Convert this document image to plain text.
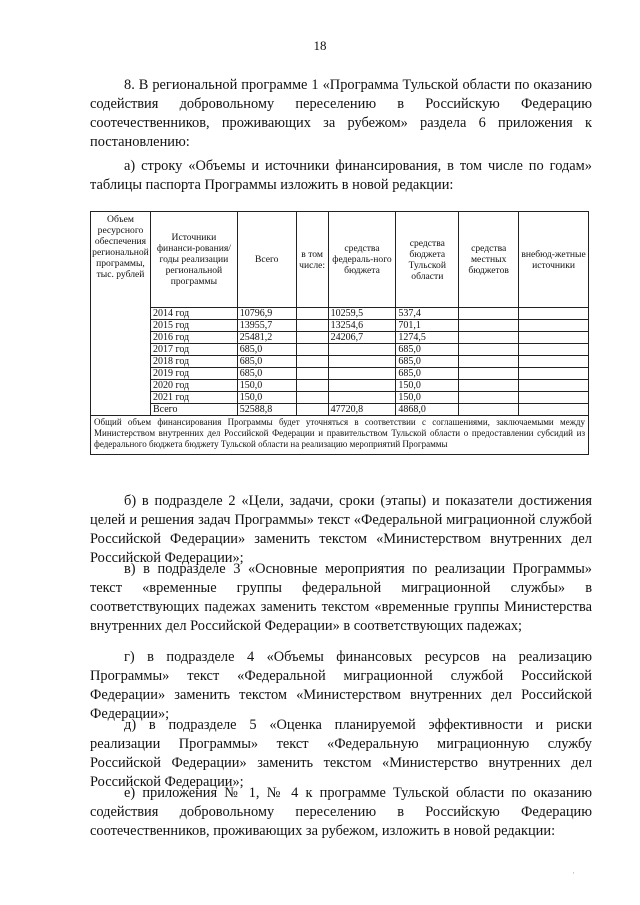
18

8. В региональной программе 1 «Программа Тульской области по оказанию содействия добровольному переселению в Российскую Федерацию соотечественников, проживающих за рубежом» раздела 6 приложения к постановлению:

а) строку «Объемы и источники финансирования, в том числе по годам» таблицы паспорта Программы изложить в новой редакции:

Объем ресурсного обеспечения региональной программы, тыс. рублей	Источники финанси-рования/ годы реализации региональной программы	Всего	в том числе:	средства федераль-ного бюджета	средства бюджета Тульской области	средства местных бюджетов	внебюд-жетные источники
	2014 год	10796,9		10259,5	537,4		
	2015 год	13955,7		13254,6	701,1		
	2016 год	25481,2		24206,7	1274,5		
	2017 год	685,0			685,0		
	2018 год	685,0			685,0		
	2019 год	685,0			685,0		
	2020 год	150,0			150,0		
	2021 год	150,0			150,0		
	Всего	52588,8		47720,8	4868,0		
Общий объем финансирования Программы будет уточняться в соответствии с соглашениями, заключаемыми между Министерством внутренних дел Российской Федерации и правительством Тульской области о предоставлении субсидий из федерального бюджета бюджету Тульской области на реализацию мероприятий Программы							

б) в подразделе 2 «Цели, задачи, сроки (этапы) и показатели достижения целей и решения задач Программы» текст «Федеральной миграционной службой Российской Федерации» заменить текстом «Министерством внутренних дел Российской Федерации»;

в) в подразделе 3 «Основные мероприятия по реализации Программы» текст «временные группы федеральной миграционной службы» в соответствующих падежах заменить текстом «временные группы Министерства внутренних дел Российской Федерации» в соответствующих падежах;

г) в подразделе 4 «Объемы финансовых ресурсов на реализацию Программы» текст «Федеральной миграционной службой Российской Федерации» заменить текстом «Министерством внутренних дел Российской Федерации»;

д) в подразделе 5 «Оценка планируемой эффективности и риски реализации Программы» текст «Федеральную миграционную службу Российской Федерации» заменить текстом «Министерство внутренних дел Российской Федерации»;

е) приложения № 1, № 4 к программе Тульской области по оказанию содействия добровольному переселению в Российскую Федерацию соотечественников, проживающих за рубежом, изложить в новой редакции:

·
